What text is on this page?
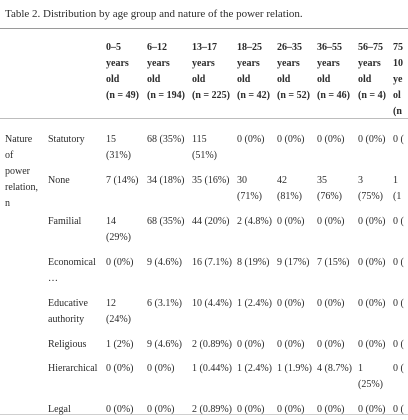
Table 2. Distribution by age group and nature of the power relation.
0–5
years
old
(n = 49)
6–12
years
old
(n = 194)
13–17
years
old
(n = 225)
18–25
years
old
(n = 42)
26–35
years
old
(n = 52)
36–55
years
old
(n = 46)
56–75
years
old
(n = 4)
75
10
ye
ol
(n
Nature
of
power
relation,
n
Statutory 15
(31%)
68 (35%) 115
(51%)
0 (0%) 0 (0%) 0 (0%) 0 (0%) 0 (
None	7 (14%) 34 (18%) 35 (16%) 30
(71%)
42
(81%)
35
(76%)
3
(75%)
1
(1
Familial 14
(29%)
68 (35%) 44 (20%) 2 (4.8%) 0 (0%) 0 (0%) 0 (0%) 0 (
Economical
…
0 (0%) 9 (4.6%) 16 (7.1%) 8 (19%) 9 (17%) 7 (15%) 0 (0%) 0 (
Educative
authority
12
(24%)
6 (3.1%) 10 (4.4%) 1 (2.4%) 0 (0%) 0 (0%) 0 (0%) 0 (
Religious 1 (2%) 9 (4.6%) 2 (0.89%) 0 (0%) 0 (0%) 0 (0%) 0 (0%) 0 (
Hierarchical 0 (0%) 0 (0%) 1 (0.44%) 1 (2.4%) 1 (1.9%) 4 (8.7%) 1
(25%)
0 (
Legal	0 (0%) 0 (0%) 2 (0.89%) 0 (0%) 0 (0%) 0 (0%) 0 (0%) 0 (
